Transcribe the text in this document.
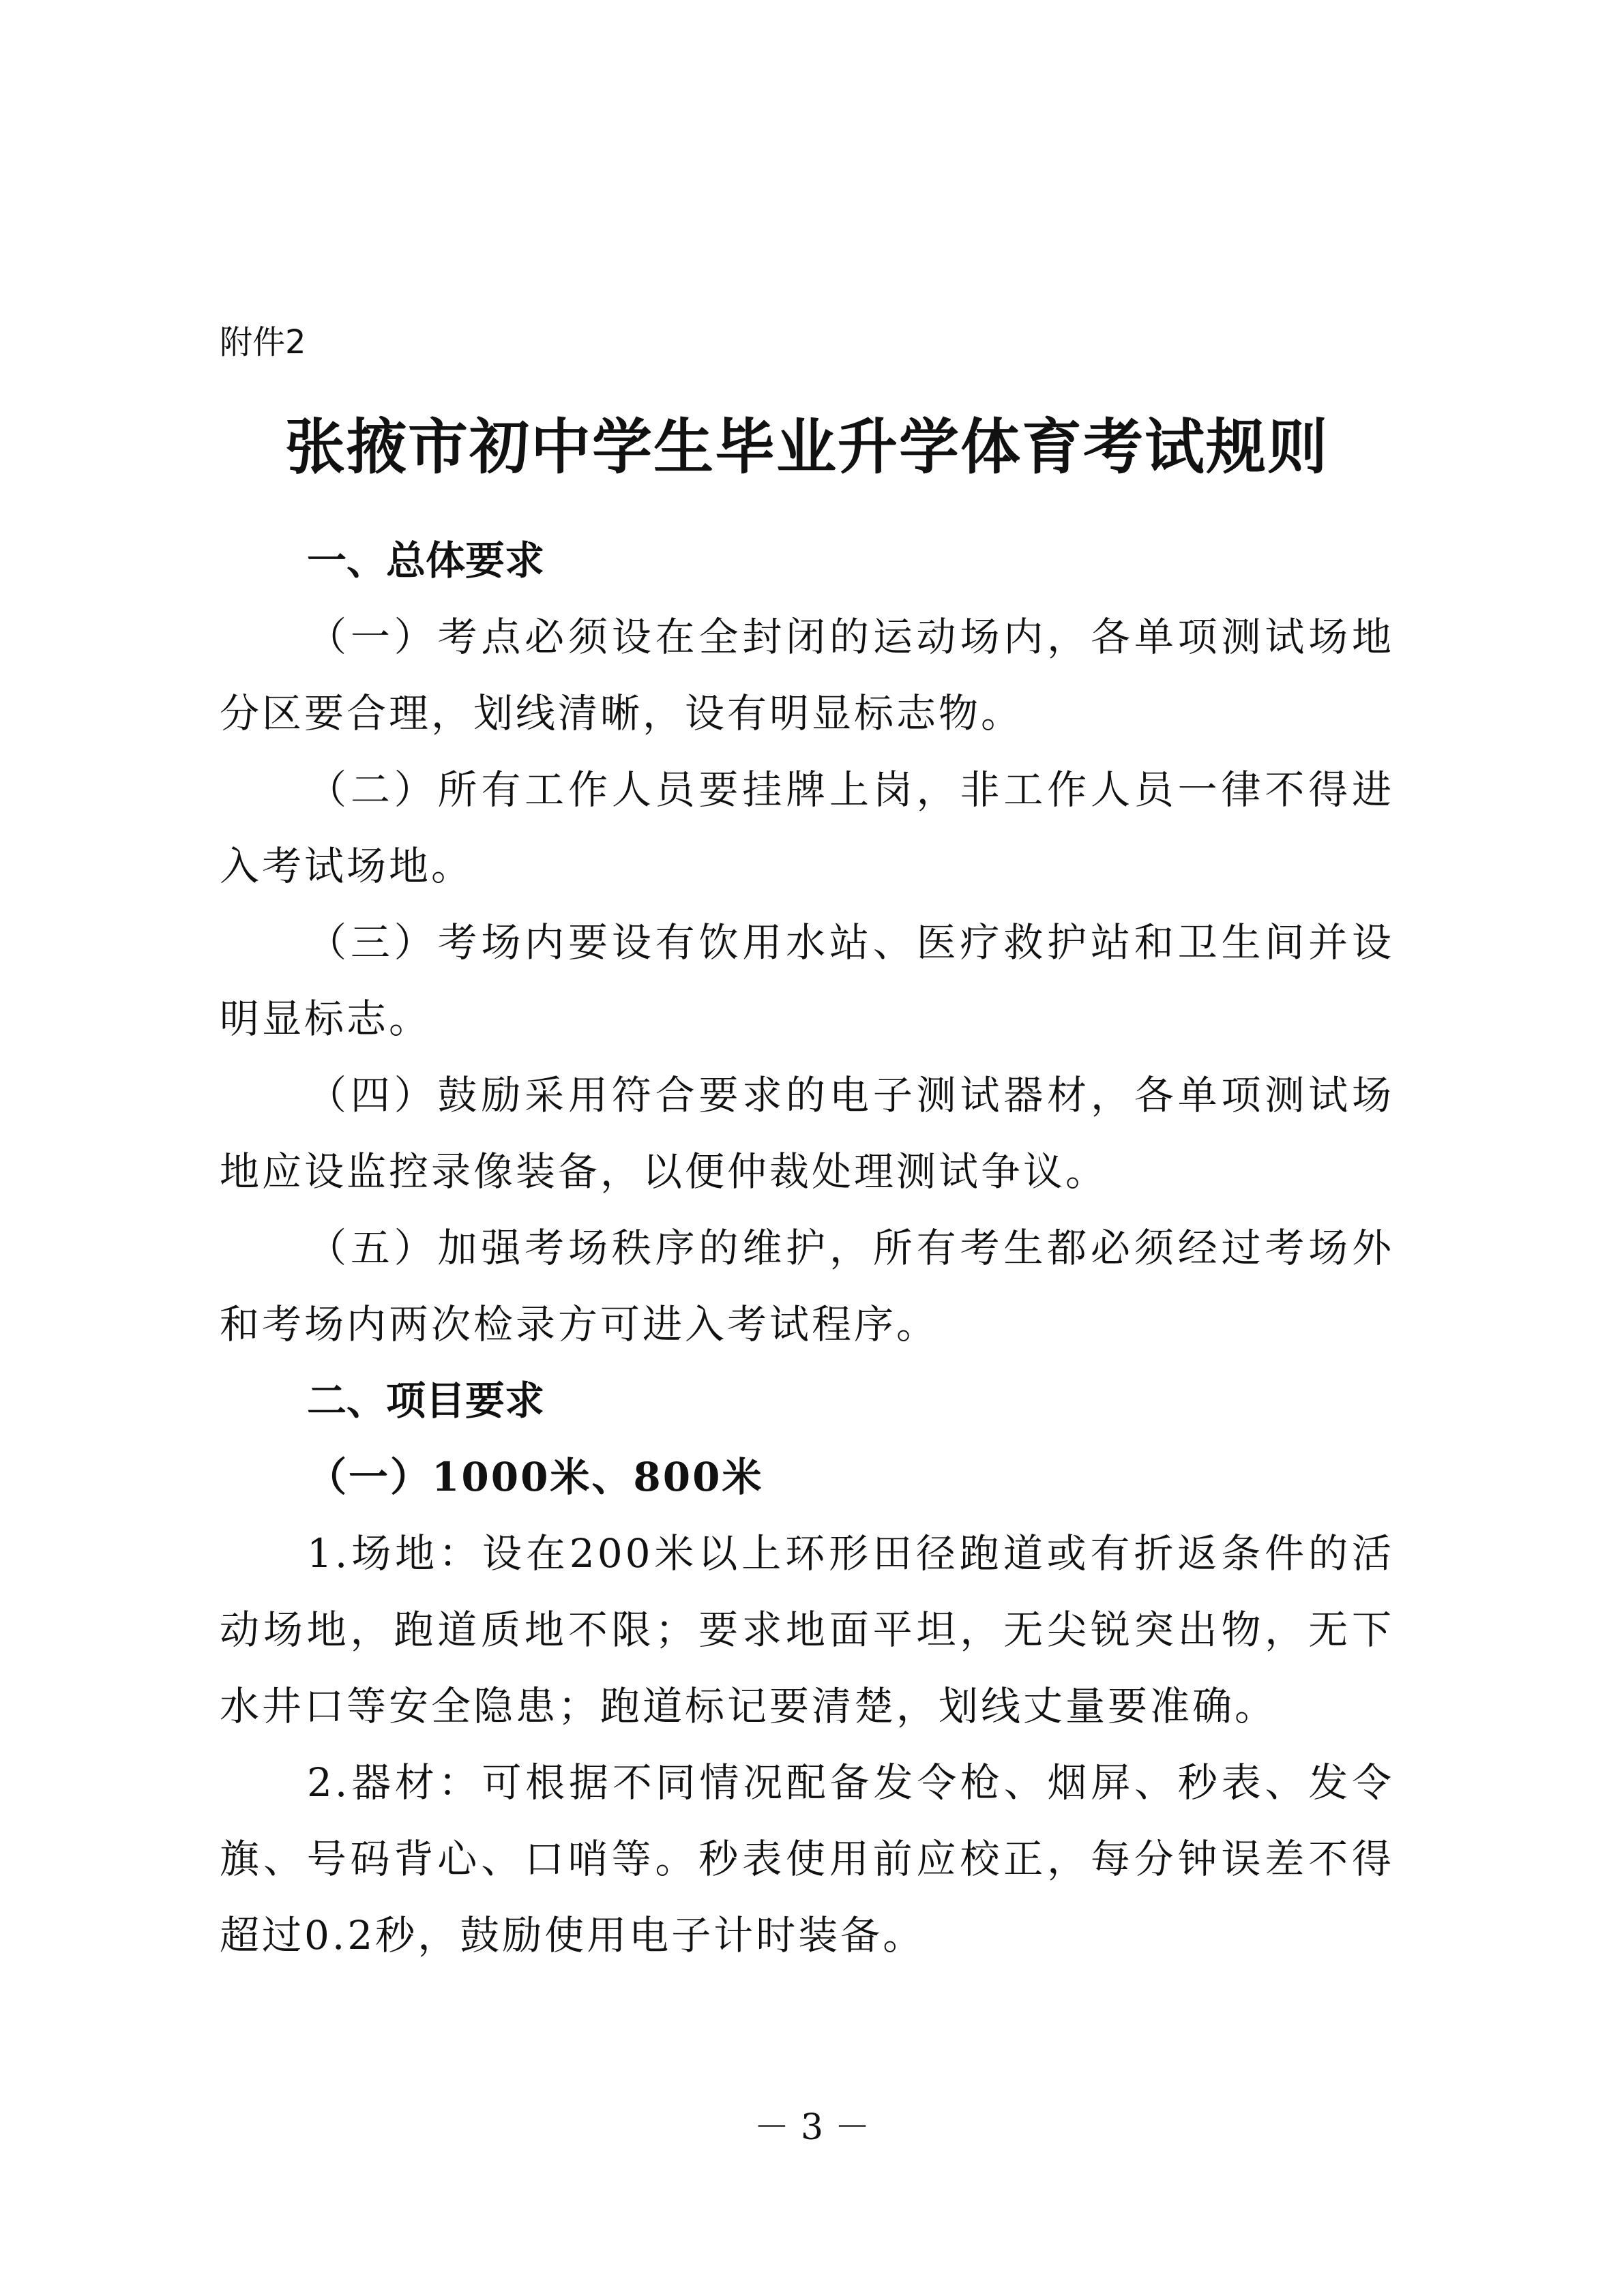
附件2
张掖市初中学生毕业升学体育考试规则
一、总体要求

（一）考点必须设在全封闭的运动场内，各单项测试场地分区要合理，划线清晰，设有明显标志物。

（二）所有工作人员要挂牌上岗，非工作人员一律不得进入考试场地。

（三）考场内要设有饮用水站、医疗救护站和卫生间并设明显标志。

（四）鼓励采用符合要求的电子测试器材，各单项测试场地应设监控录像装备，以便仲裁处理测试争议。

（五）加强考场秩序的维护，所有考生都必须经过考场外和考场内两次检录方可进入考试程序。

二、项目要求
（一）1000米、800米

1.场地：设在200米以上环形田径跑道或有折返条件的活动场地，跑道质地不限；要求地面平坦，无尖锐突出物，无下水井口等安全隐患；跑道标记要清楚，划线丈量要准确。

2.器材：可根据不同情况配备发令枪、烟屏、秒表、发令旗、号码背心、口哨等。秒表使用前应校正，每分钟误差不得超过0.2秒，鼓励使用电子计时装备。

－ 3 －
